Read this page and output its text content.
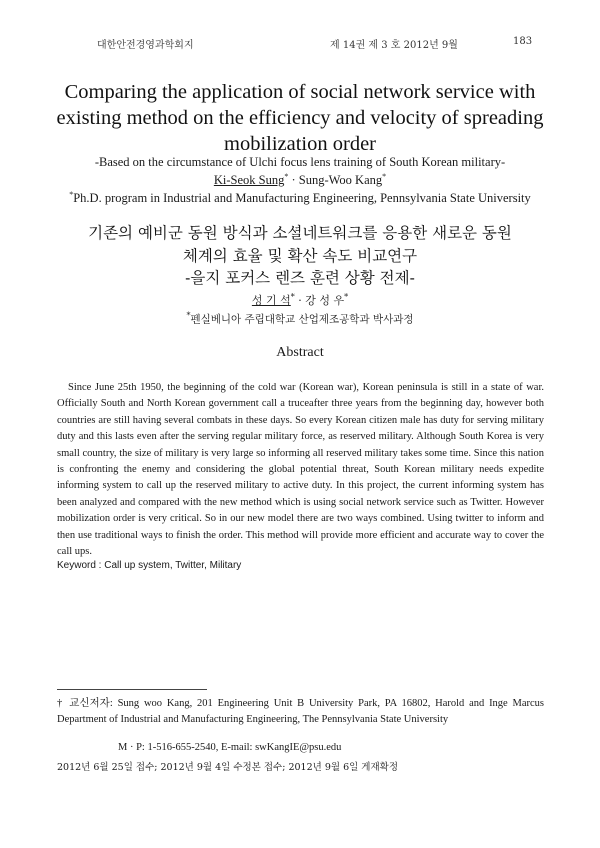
대한안전경영과학회지	제 14권 제 3 호 2012년 9월	183
Comparing the application of social network service with
existing method on the efficiency and velocity of spreading
mobilization order
-Based on the circumstance of Ulchi focus lens training of South Korean military-
Ki-Seok Sung* · Sung-Woo Kang*
*Ph.D. program in Industrial and Manufacturing Engineering, Pennsylvania State University
기존의 예비군 동원 방식과 소셜네트워크를 응용한 새로운 동원
체계의 효율 및 확산 속도 비교연구
-을지 포커스 렌즈 훈련 상황 전제-
성 기 석* · 강 성 우*
*펜실베니아 주립대학교 산업제조공학과 박사과정
Abstract

Since June 25th 1950, the beginning of the cold war (Korean war), Korean peninsula is still in a state of war. Officially South and North Korean government call a truceafter three years from the beginning day, however both countries are still having several combats in these days. So every Korean citizen male has duty for serving military duty and this lasts even after the serving regular military force, as reserved military. Although South Korea is very small country, the size of military is very large so informing all reserved military takes some time. Since this nation is confronting the enemy and considering the global potential threat, South Korean military needs expedite informing system to call up the reserved military to active duty. In this project, the current informing system has been analyzed and compared with the new method which is using social network service such as Twitter. However mobilization order is very critical. So in our new model there are two ways combined. Using twitter to inform and then use traditional ways to finish the order. This method will provide more efficient and accurate way to cover the call ups.

Keyword : Call up system, Twitter, Military

† 교신저자: Sung woo Kang, 201 Engineering Unit B University Park, PA 16802, Harold and Inge Marcus Department of Industrial and Manufacturing Engineering, The Pennsylvania State University

M · P: 1-516-655-2540, E-mail: swKangIE@psu.edu
2012년 6월 25일 접수; 2012년 9월 4일 수정본 접수; 2012년 9월 6일 게재확정
